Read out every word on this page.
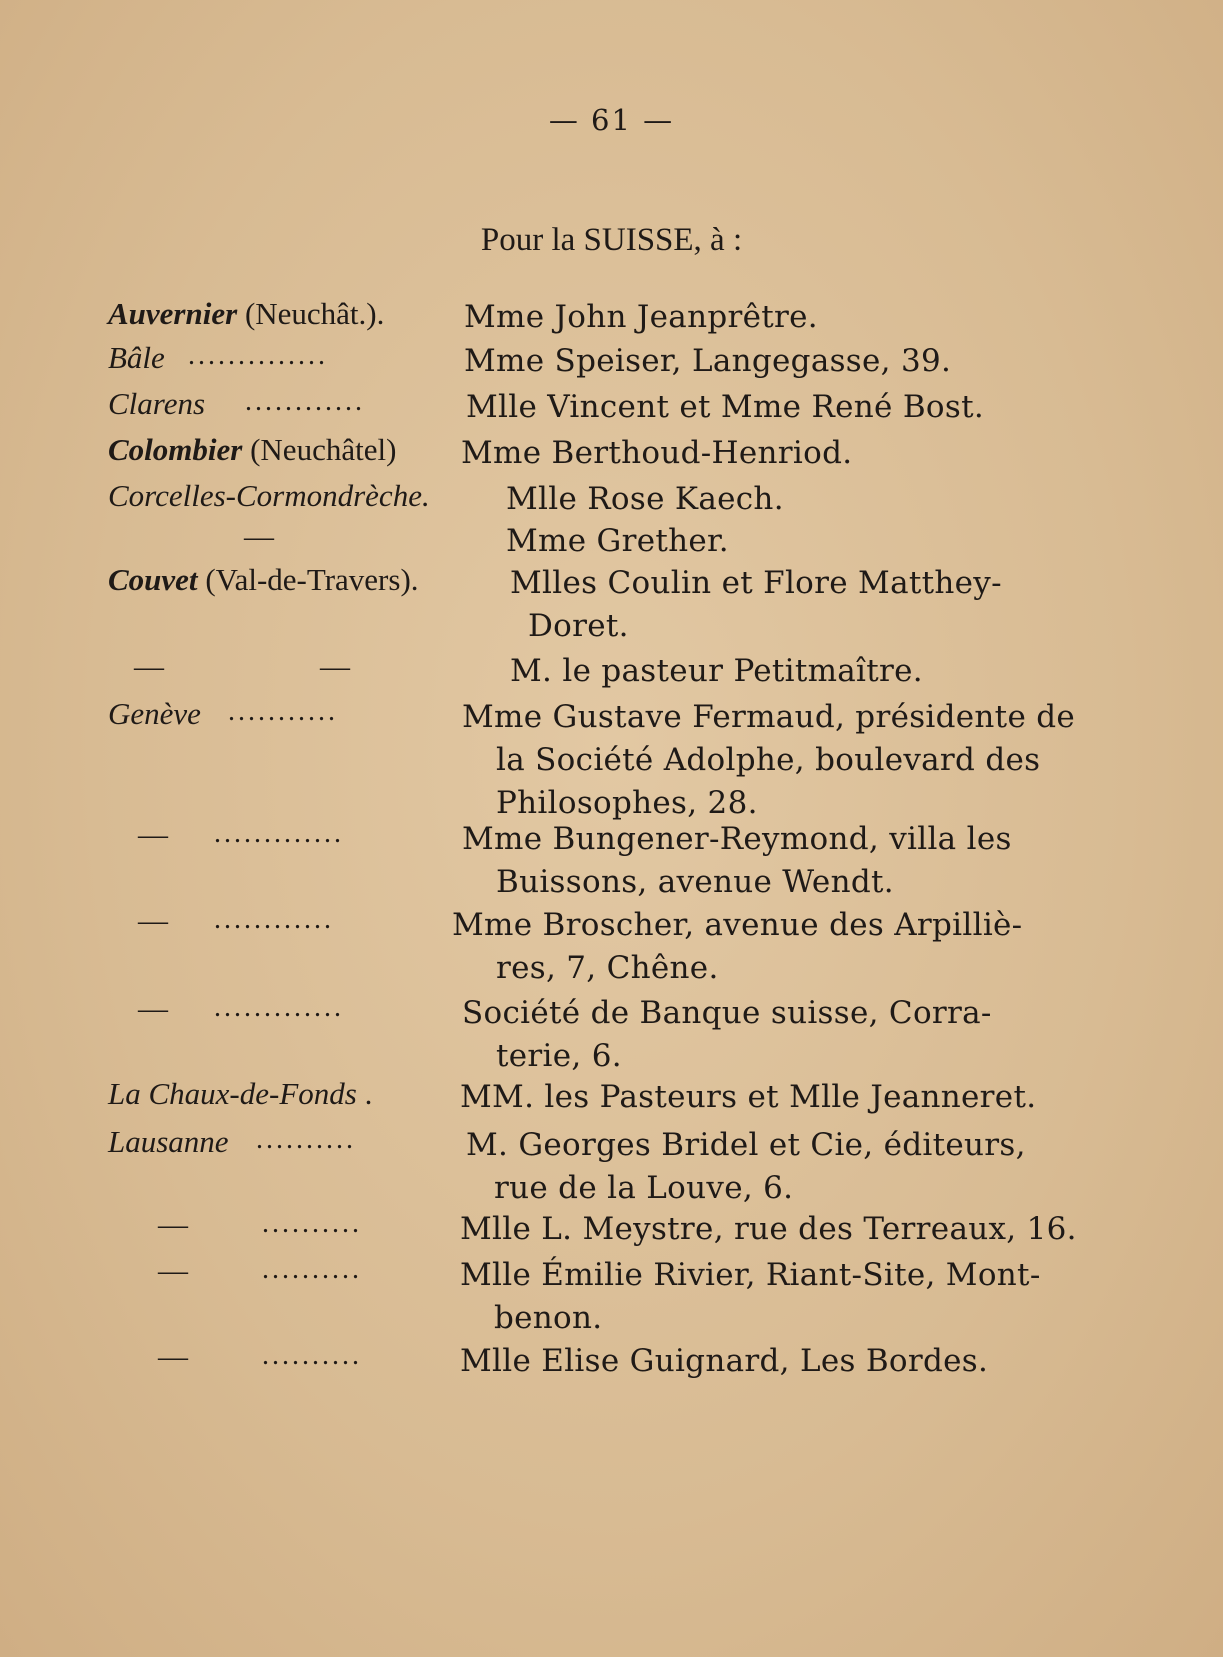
— 61 —
Pour la SUISSE, à :
Auvernier (Neuchât.).	Mme John Jeanprêtre.
Bâle ..............	Mme Speiser, Langegasse, 39.
Clarens ............	Mlle Vincent et Mme René Bost.
Colombier (Neuchâtel) Mme Berthoud-Henriod.
Corcelles-Cormondrèche. Mlle Rose Kaech.
—	Mme Grether.
Couvet (Val-de-Travers).	Mlles Coulin et Flore Matthey-
Doret.
—	—	M. le pasteur Petitmaître.
Genève ...........	Mme Gustave Fermaud, présidente de
la Société Adolphe, boulevard des
Philosophes, 28.
— .............	Mme Bungener-Reymond, villa les
Buissons, avenue Wendt.
— ............	Mme Broscher, avenue des Arpilliè-
res, 7, Chêne.
— .............	Société de Banque suisse, Corra-
terie, 6.
La Chaux-de-Fonds .	MM. les Pasteurs et Mlle Jeanneret.
Lausanne ..........	M. Georges Bridel et Cie, éditeurs,
rue de la Louve, 6.
—	..........	Mlle L. Meystre, rue des Terreaux, 16.
—	..........	Mlle Émilie Rivier, Riant-Site, Mont-
benon.
—	..........	Mlle Elise Guignard, Les Bordes.
